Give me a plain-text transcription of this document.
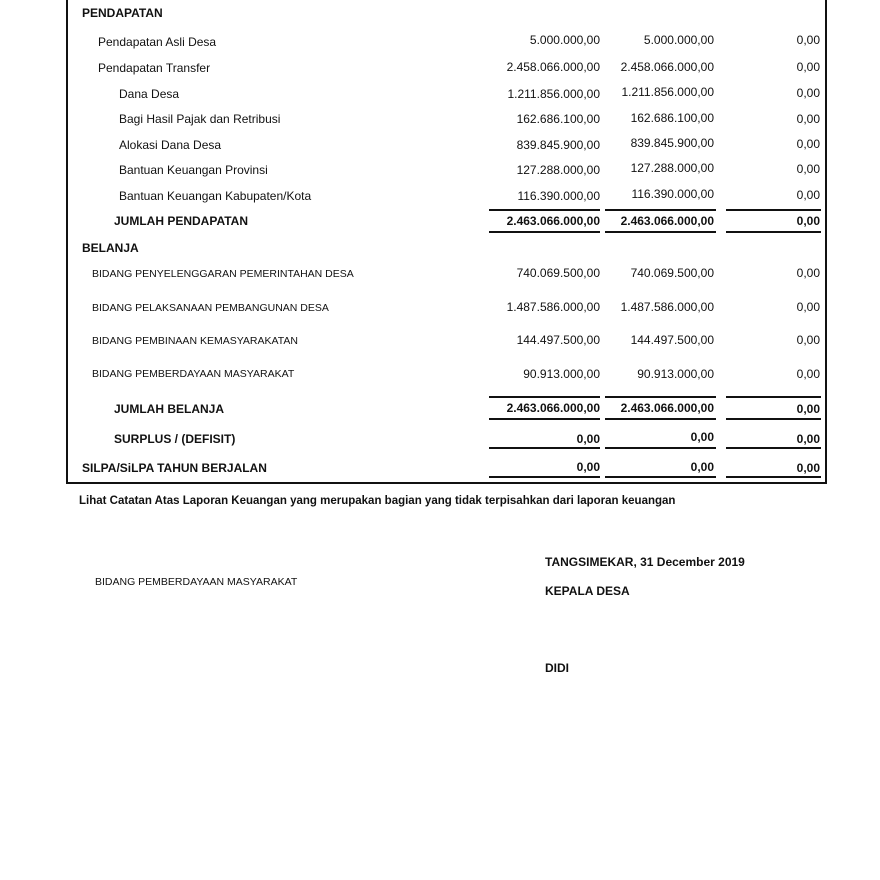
PENDAPATAN
Pendapatan Asli Desa	5.000.000,00	5.000.000,00	0,00
Pendapatan Transfer	2.458.066.000,00	2.458.066.000,00	0,00
Dana Desa	1.211.856.000,00	1.211.856.000,00	0,00
Bagi Hasil Pajak dan Retribusi	162.686.100,00	162.686.100,00	0,00
Alokasi Dana Desa	839.845.900,00	839.845.900,00	0,00
Bantuan Keuangan Provinsi	127.288.000,00	127.288.000,00	0,00
Bantuan Keuangan Kabupaten/Kota	116.390.000,00	116.390.000,00	0,00
JUMLAH PENDAPATAN	2.463.066.000,00	2.463.066.000,00	0,00
BELANJA
BIDANG PENYELENGGARAN PEMERINTAHAN DESA	740.069.500,00	740.069.500,00	0,00
BIDANG PELAKSANAAN PEMBANGUNAN DESA	1.487.586.000,00	1.487.586.000,00	0,00
BIDANG PEMBINAAN KEMASYARAKATAN	144.497.500,00	144.497.500,00	0,00
BIDANG PEMBERDAYAAN MASYARAKAT	90.913.000,00	90.913.000,00	0,00
JUMLAH BELANJA	2.463.066.000,00	2.463.066.000,00	0,00
SURPLUS / (DEFISIT)	0,00	0,00	0,00
SILPA/SiLPA TAHUN BERJALAN	0,00	0,00	0,00
Lihat Catatan Atas Laporan Keuangan yang merupakan bagian yang tidak terpisahkan dari laporan keuangan
TANGSIMEKAR, 31 December 2019
BIDANG PEMBERDAYAAN MASYARAKAT
KEPALA DESA
DIDI
